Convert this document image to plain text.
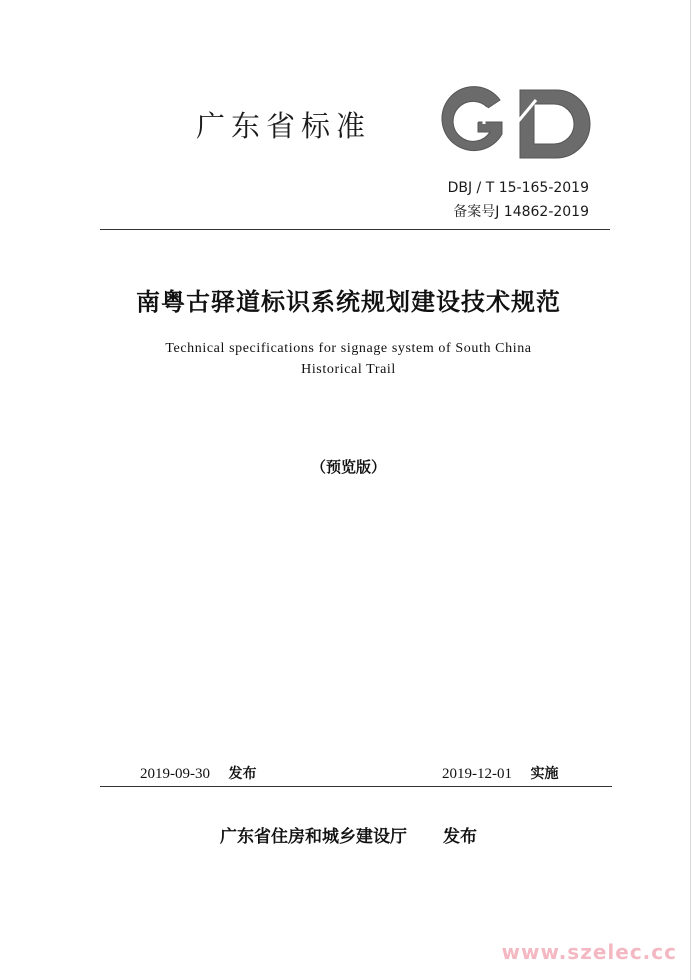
广东省标准
DBJ / T 15-165-2019
备案号J 14862-2019
南粤古驿道标识系统规划建设技术规范
Technical specifications for signage system of South China
Historical Trail
（预览版）
2019-09-30 发布	2019-12-01 实施
广东省住房和城乡建设厅 发布
www.szelec.cc
